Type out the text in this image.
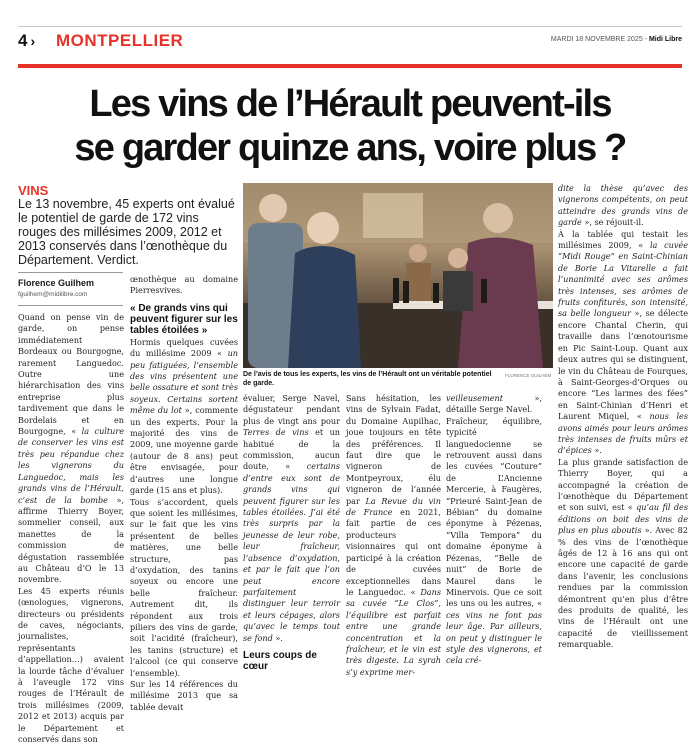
4 › MONTPELLIER	MARDI 18 NOVEMBRE 2025 - Midi Libre
Les vins de l’Hérault peuvent-ils se garder quinze ans, voire plus ?
VINS
Le 13 novembre, 45 experts ont évalué le potentiel de garde de 172 vins rouges des millésimes 2009, 2012 et 2013 conservés dans l’œnothèque du Département. Verdict.
Florence Guilhem
fguilhem@midilibre.com

Quand on pense vin de garde, on pense immédiatement Bordeaux ou Bourgogne, rarement Languedoc. Outre une hiérarchisation des vins entreprise plus tardivement que dans le Bordelais et en Bourgogne, « la culture de conserver les vins est très peu répandue chez les vignerons du Languedoc, mais les grands vins de l’Hérault, c’est de la bombe », affirme Thierry Boyer, sommelier conseil, aux manettes de la commission de dégustation rassemblée au Château d’O le 13 novembre.

Les 45 experts réunis (œnologues, vignerons, directeurs ou présidents de caves, négociants, journalistes, représentants d’appellation…) avaient la lourde tâche d’évaluer à l’aveugle 172 vins rouges de l’Hérault de trois millésimes (2009, 2012 et 2013) acquis par le Département et conservés dans son

œnothèque au domaine Pierresvives.

« De grands vins qui peuvent figurer sur les tables étoilées »

Hormis quelques cuvées du millésime 2009 « un peu fatiguées, l’ensemble des vins présentent une belle ossature et sont très soyeux. Certains sortent même du lot », commente un des experts. Pour la majorité des vins de 2009, une moyenne garde (autour de 8 ans) peut être envisagée, pour d’autres une longue garde (15 ans et plus).

Tous s’accordent, quels que soient les millésimes, sur le fait que les vins présentent de belles matières, une belle structure, pas d’oxydation, des tanins soyeux ou encore une belle fraîcheur. Autrement dit, ils répondent aux trois piliers des vins de garde, soit l’acidité (fraîcheur), les tanins (structure) et l’alcool (ce qui conserve l’ensemble).

Sur les 14 références du millésime 2013 que sa tablée devait

De l’avis de tous les experts, les vins de l’Hérault ont un véritable potentiel de garde.
FLORENCE GUILHEM

évaluer, Serge Navel, dégustateur pendant plus de vingt ans pour Terres de vins et un habitué de la commission, aucun doute, « certains d’entre eux sont de grands vins qui peuvent figurer sur les tables étoilées. J’ai été très surpris par la jeunesse de leur robe, leur fraîcheur, l’absence d’oxydation, et par le fait que l’on peut encore parfaitement distinguer leur terroir et leurs cépages, alors qu’avec le temps tout se fond ».

Leurs coups de cœur

Sans hésitation, les vins de Sylvain Fadat, du Domaine Aupilhac, joue toujours en tête des préférences. Il faut dire que le vigneron de Montpeyroux, élu vigneron de l’année par La Revue du vin de France en 2021, fait partie de ces producteurs visionnaires qui ont participé à la création de cuvées exceptionnelles dans le Languedoc. « Dans sa cuvée “Le Clos”, l’équilibre est parfait entre une grande concentration et la fraîcheur, et le vin est très digeste. La syrah s’y exprime mer-

veilleusement », détaille Serge Navel.

Fraîcheur, équilibre, typicité languedocienne se retrouvent aussi dans les cuvées “Couture” de L’Ancienne Mercerie, à Faugères, “Prieuré Saint-Jean de Bébian” du domaine éponyme à Pézenas, “Villa Tempora” du domaine éponyme à Pézenas, “Belle de nuit” de Borie de Maurel dans le Minervois. Que ce soit les uns ou les autres, « ces vins ne font pas leur âge. Par ailleurs, on peut y distinguer le style des vignerons, et cela cré-

dite la thèse qu’avec des vignerons compétents, on peut atteindre des grands vins de garde », se réjouit-il.

À la tablée qui testait les millésimes 2009, « la cuvée “Midi Rouge” en Saint-Chinian de Borie La Vitarelle a fait l’unanimité avec ses arômes très intenses, ses arômes de fruits confiturés, son intensité, sa belle longueur », se délecte encore Chantal Cherin, qui travaille dans l’œnotourisme en Pic Saint-Loup. Quant aux deux autres qui se distinguent, le vin du Château de Fourques, à Saint-Georges-d’Orques ou encore “Les larmes des fées” en Saint-Chinian d’Henri et Laurent Miquel, « nous les avons aimés pour leurs arômes très intenses de fruits mûrs et d’épices ».

La plus grande satisfaction de Thierry Boyer, qui a accompagné la création de l’œnothèque du Département et son suivi, est « qu’au fil des éditions on boit des vins de plus en plus aboutis ». Avec 82 % des vins de l’œnothèque âgés de 12 à 16 ans qui ont encore une capacité de garde dans l’avenir, les conclusions rendues par la commission démontrent qu’en plus d’être des produits de qualité, les vins de l’Hérault ont une capacité de vieillissement remarquable.
